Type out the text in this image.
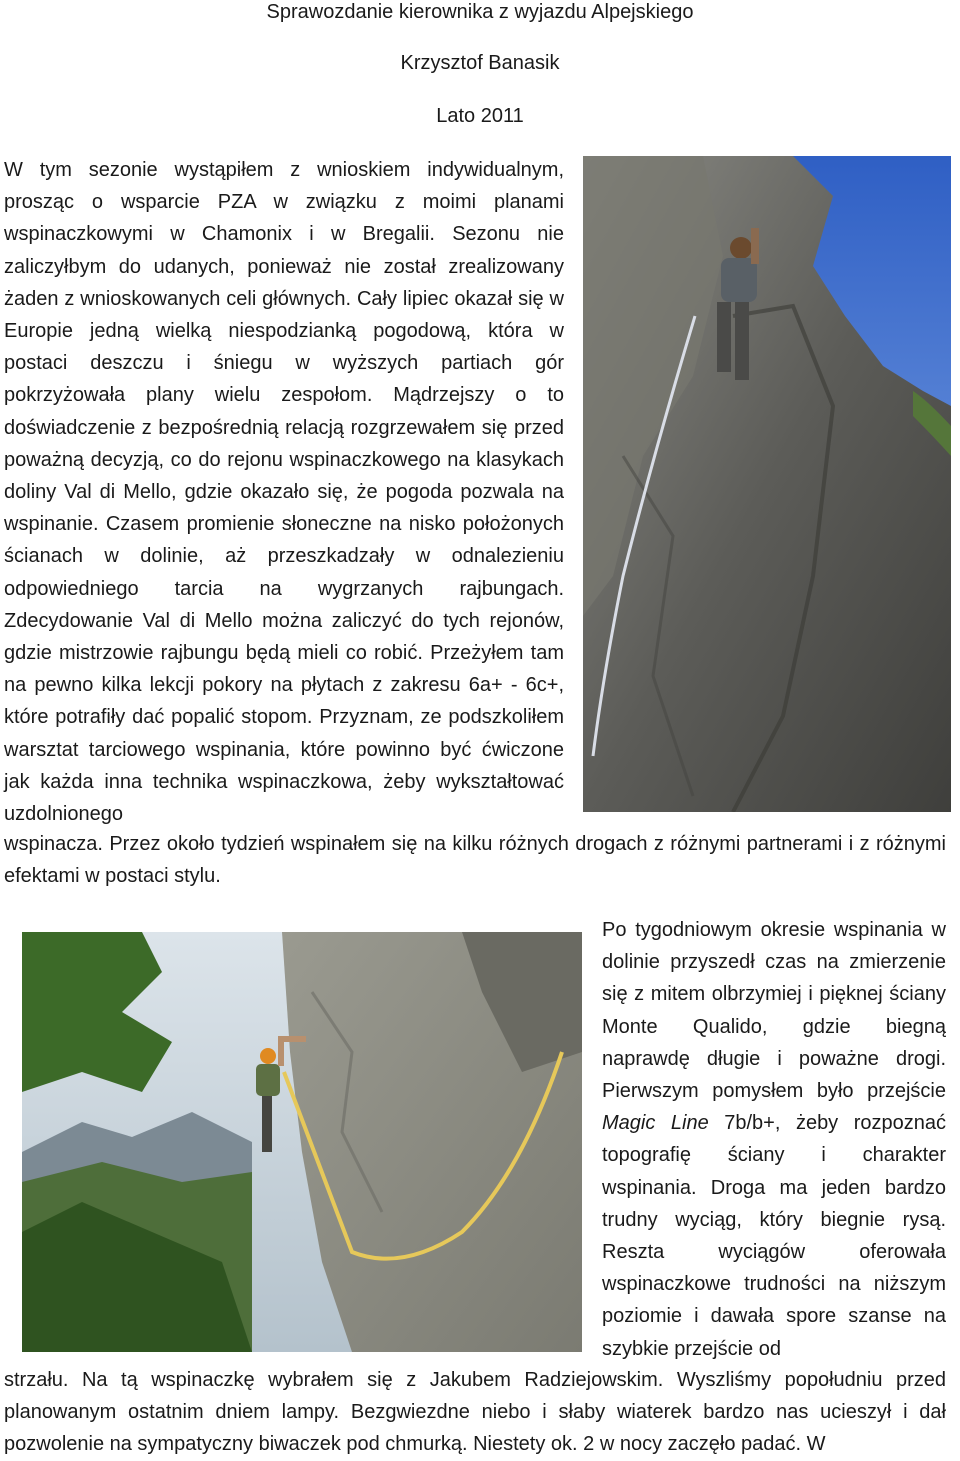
Sprawozdanie kierownika z wyjazdu Alpejskiego
Krzysztof Banasik
Lato 2011
W tym sezonie wystąpiłem z wnioskiem indywidualnym, prosząc o wsparcie PZA w związku z moimi planami wspinaczkowymi w Chamonix i w Bregalii. Sezonu nie zaliczyłbym do udanych, ponieważ nie został zrealizowany żaden z wnioskowanych celi głównych. Cały lipiec okazał się w Europie jedną wielką niespodzianką pogodową, która w postaci deszczu i śniegu w wyższych partiach gór pokrzyżowała plany wielu zespołom. Mądrzejszy o to doświadczenie z bezpośrednią relacją rozgrzewałem się przed poważną decyzją, co do rejonu wspinaczkowego na klasykach doliny Val di Mello, gdzie okazało się, że pogoda pozwala na wspinanie. Czasem promienie słoneczne na nisko położonych ścianach w dolinie, aż przeszkadzały w odnalezieniu odpowiedniego tarcia na wygrzanych rajbungach. Zdecydowanie Val di Mello można zaliczyć do tych rejonów, gdzie mistrzowie rajbungu będą mieli co robić. Przeżyłem tam na pewno kilka lekcji pokory na płytach z zakresu 6a+ - 6c+, które potrafiły dać popalić stopom. Przyznam, ze podszkoliłem warsztat tarciowego wspinania, które powinno być ćwiczone jak każda inna technika wspinaczkowa, żeby wykształtować uzdolnionego
wspinacza. Przez około tydzień wspinałem się na kilku różnych drogach z różnymi partnerami i z różnymi efektami w postaci stylu.
Po tygodniowym okresie wspinania w dolinie przyszedł czas na zmierzenie się z mitem olbrzymiej i pięknej ściany Monte Qualido, gdzie biegną naprawdę długie i poważne drogi. Pierwszym pomysłem było przejście Magic Line 7b/b+, żeby rozpoznać topografię ściany i charakter wspinania. Droga ma jeden bardzo trudny wyciąg, który biegnie rysą. Reszta wyciągów oferowała wspinaczkowe trudności na niższym poziomie i dawała spore szanse na szybkie przejście od
strzału. Na tą wspinaczkę wybrałem się z Jakubem Radziejowskim. Wyszliśmy popołudniu przed planowanym ostatnim dniem lampy. Bezgwiezdne niebo i słaby wiaterek bardzo nas ucieszył i dał pozwolenie na sympatyczny biwaczek pod chmurką. Niestety ok. 2 w nocy zaczęło padać. W
